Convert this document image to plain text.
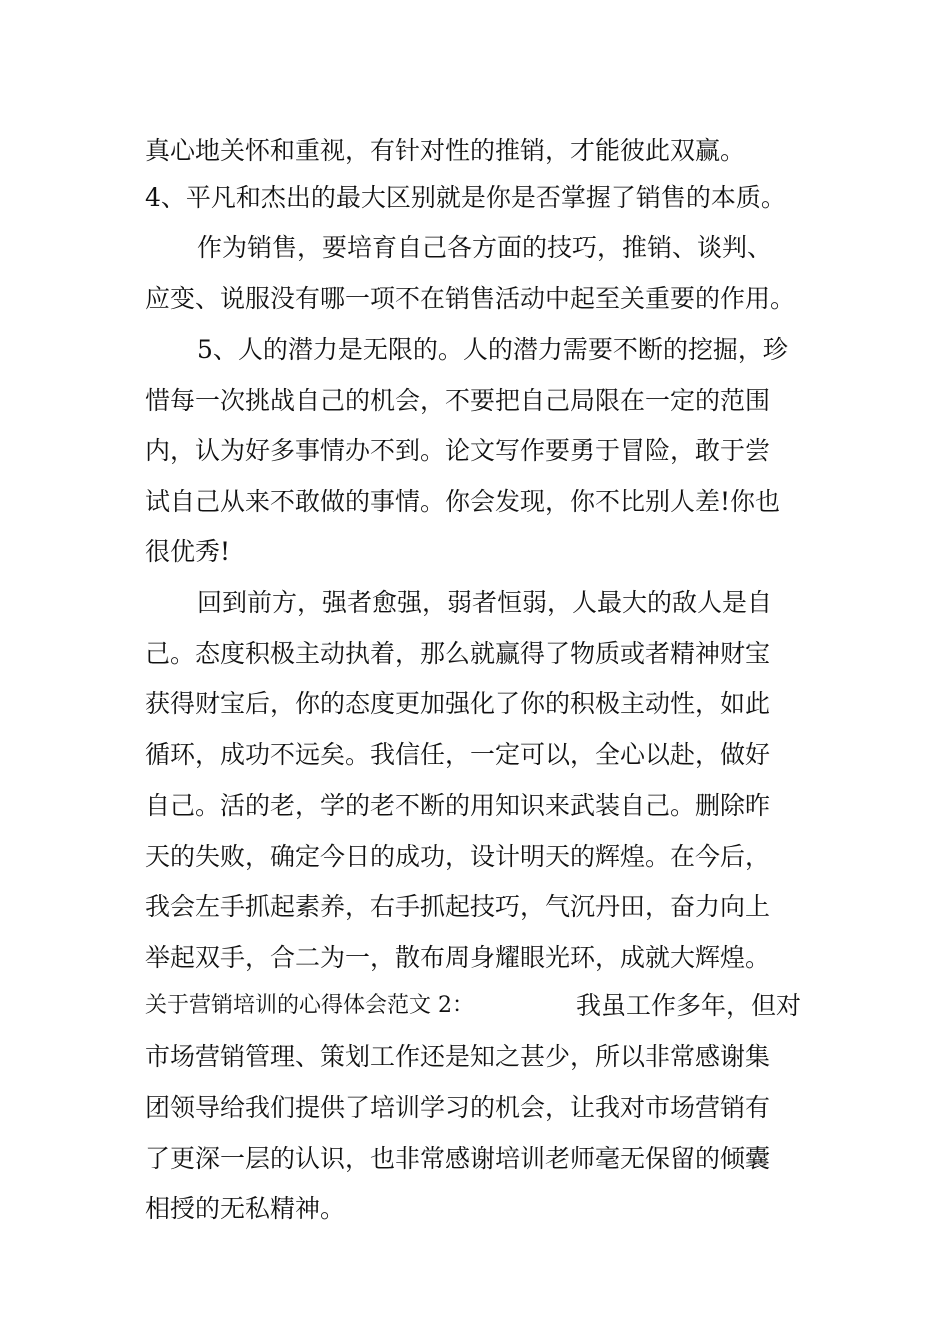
真心地关怀和重视，有针对性的推销，才能彼此双赢。
4、平凡和杰出的最大区别就是你是否掌握了销售的本质。
作为销售，要培育自己各方面的技巧，推销、谈判、
应变、说服没有哪一项不在销售活动中起至关重要的作用。
5、人的潜力是无限的。人的潜力需要不断的挖掘，珍
惜每一次挑战自己的机会，不要把自己局限在一定的范围
内，认为好多事情办不到。论文写作要勇于冒险，敢于尝
试自己从来不敢做的事情。你会发现，你不比别人差!你也
很优秀!
回到前方，强者愈强，弱者恒弱，人最大的敌人是自
己。态度积极主动执着，那么就赢得了物质或者精神财宝
获得财宝后，你的态度更加强化了你的积极主动性，如此
循环，成功不远矣。我信任，一定可以，全心以赴，做好
自己。活的老，学的老不断的用知识来武装自己。删除昨
天的失败，确定今日的成功，设计明天的辉煌。在今后，
我会左手抓起素养，右手抓起技巧，气沉丹田，奋力向上
举起双手，合二为一，散布周身耀眼光环，成就大辉煌。
关于营销培训的心得体会范文 2：	我虽工作多年，但对
市场营销管理、策划工作还是知之甚少，所以非常感谢集
团领导给我们提供了培训学习的机会，让我对市场营销有
了更深一层的认识，也非常感谢培训老师毫无保留的倾囊
相授的无私精神。
